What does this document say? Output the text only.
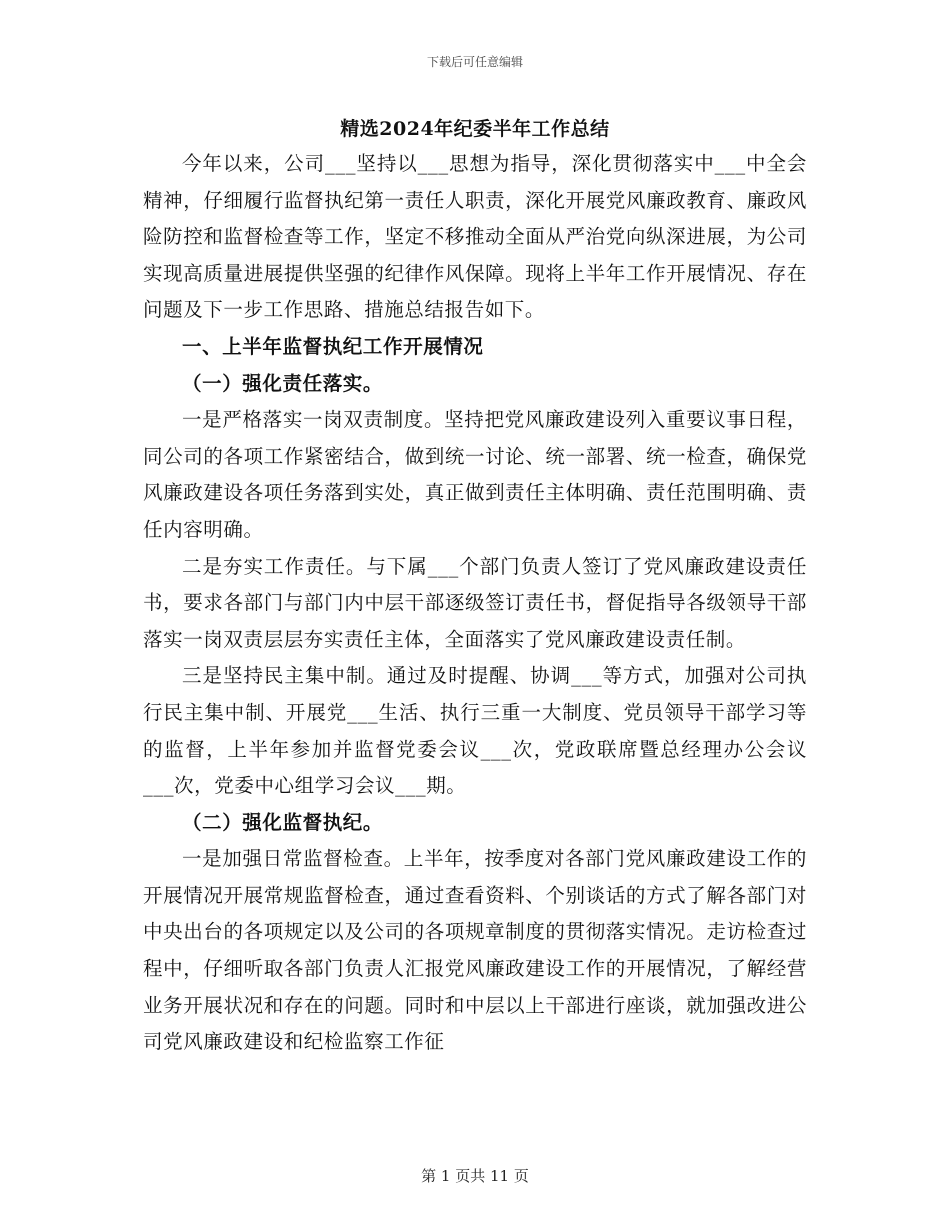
下载后可任意编辑
精选2024年纪委半年工作总结

今年以来，公司___坚持以___思想为指导，深化贯彻落实中___中全会精神，仔细履行监督执纪第一责任人职责，深化开展党风廉政教育、廉政风险防控和监督检查等工作，坚定不移推动全面从严治党向纵深进展，为公司实现高质量进展提供坚强的纪律作风保障。现将上半年工作开展情况、存在问题及下一步工作思路、措施总结报告如下。

一、上半年监督执纪工作开展情况

（一）强化责任落实。

一是严格落实一岗双责制度。坚持把党风廉政建设列入重要议事日程，同公司的各项工作紧密结合，做到统一讨论、统一部署、统一检查，确保党风廉政建设各项任务落到实处，真正做到责任主体明确、责任范围明确、责任内容明确。

二是夯实工作责任。与下属___个部门负责人签订了党风廉政建设责任书，要求各部门与部门内中层干部逐级签订责任书，督促指导各级领导干部落实一岗双责层层夯实责任主体，全面落实了党风廉政建设责任制。

三是坚持民主集中制。通过及时提醒、协调___等方式，加强对公司执行民主集中制、开展党___生活、执行三重一大制度、党员领导干部学习等的监督，上半年参加并监督党委会议___次，党政联席暨总经理办公会议___次，党委中心组学习会议___期。

（二）强化监督执纪。

一是加强日常监督检查。上半年，按季度对各部门党风廉政建设工作的开展情况开展常规监督检查，通过查看资料、个别谈话的方式了解各部门对中央出台的各项规定以及公司的各项规章制度的贯彻落实情况。走访检查过程中，仔细听取各部门负责人汇报党风廉政建设工作的开展情况，了解经营业务开展状况和存在的问题。同时和中层以上干部进行座谈，就加强改进公司党风廉政建设和纪检监察工作征

第 1 页共 11 页
